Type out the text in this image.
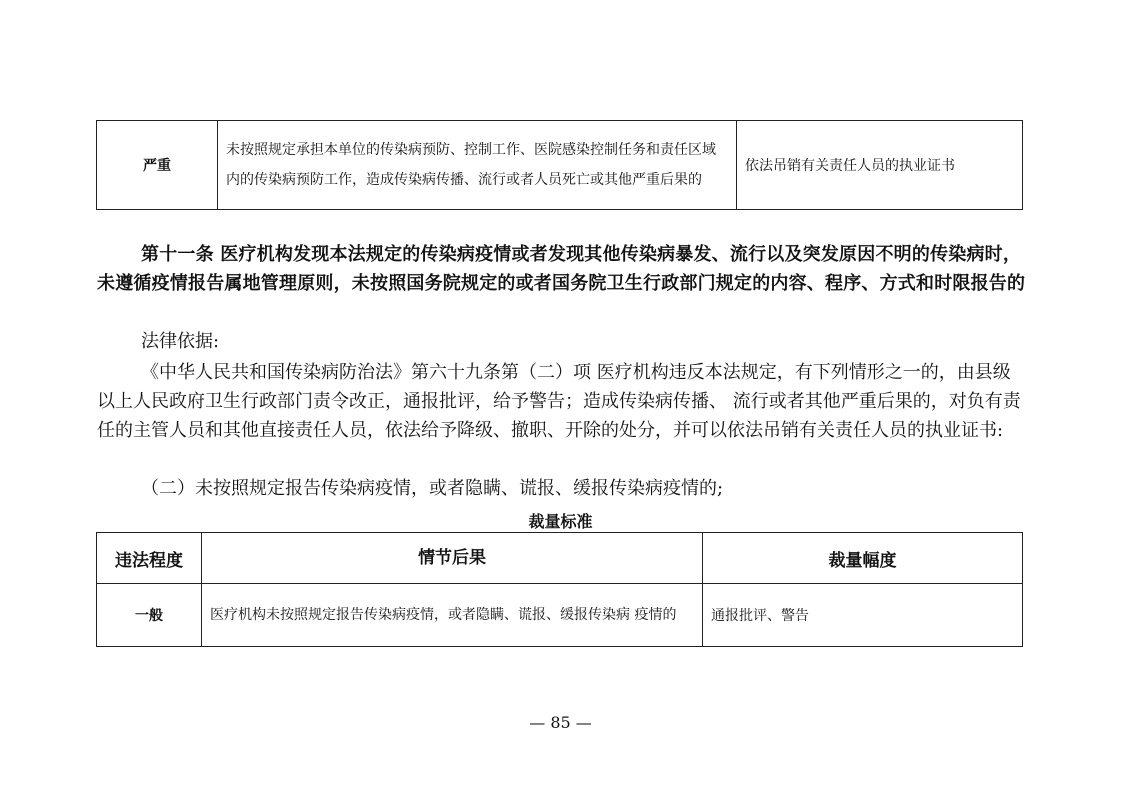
严重	未按照规定承担本单位的传染病预防、控制工作、医院感染控制任务和责任区域内的传染病预防工作，造成传染病传播、流行或者人员死亡或其他严重后果的	依法吊销有关责任人员的执业证书
第十一条 医疗机构发现本法规定的传染病疫情或者发现其他传染病暴发、流行以及突发原因不明的传染病时，未遵循疫情报告属地管理原则，未按照国务院规定的或者国务院卫生行政部门规定的内容、程序、方式和时限报告的
法律依据:
《中华人民共和国传染病防治法》第六十九条第（二）项 医疗机构违反本法规定，有下列情形之一的，由县级以上人民政府卫生行政部门责令改正，通报批评，给予警告；造成传染病传播、 流行或者其他严重后果的，对负有责任的主管人员和其他直接责任人员，依法给予降级、撤职、开除的处分，并可以依法吊销有关责任人员的执业证书:
（二）未按照规定报告传染病疫情，或者隐瞒、谎报、缓报传染病疫情的;
裁量标准
违法程度	情节后果	裁量幅度
一般	医疗机构未按照规定报告传染病疫情，或者隐瞒、谎报、缓报传染病 疫情的	通报批评、警告
— 85 —
